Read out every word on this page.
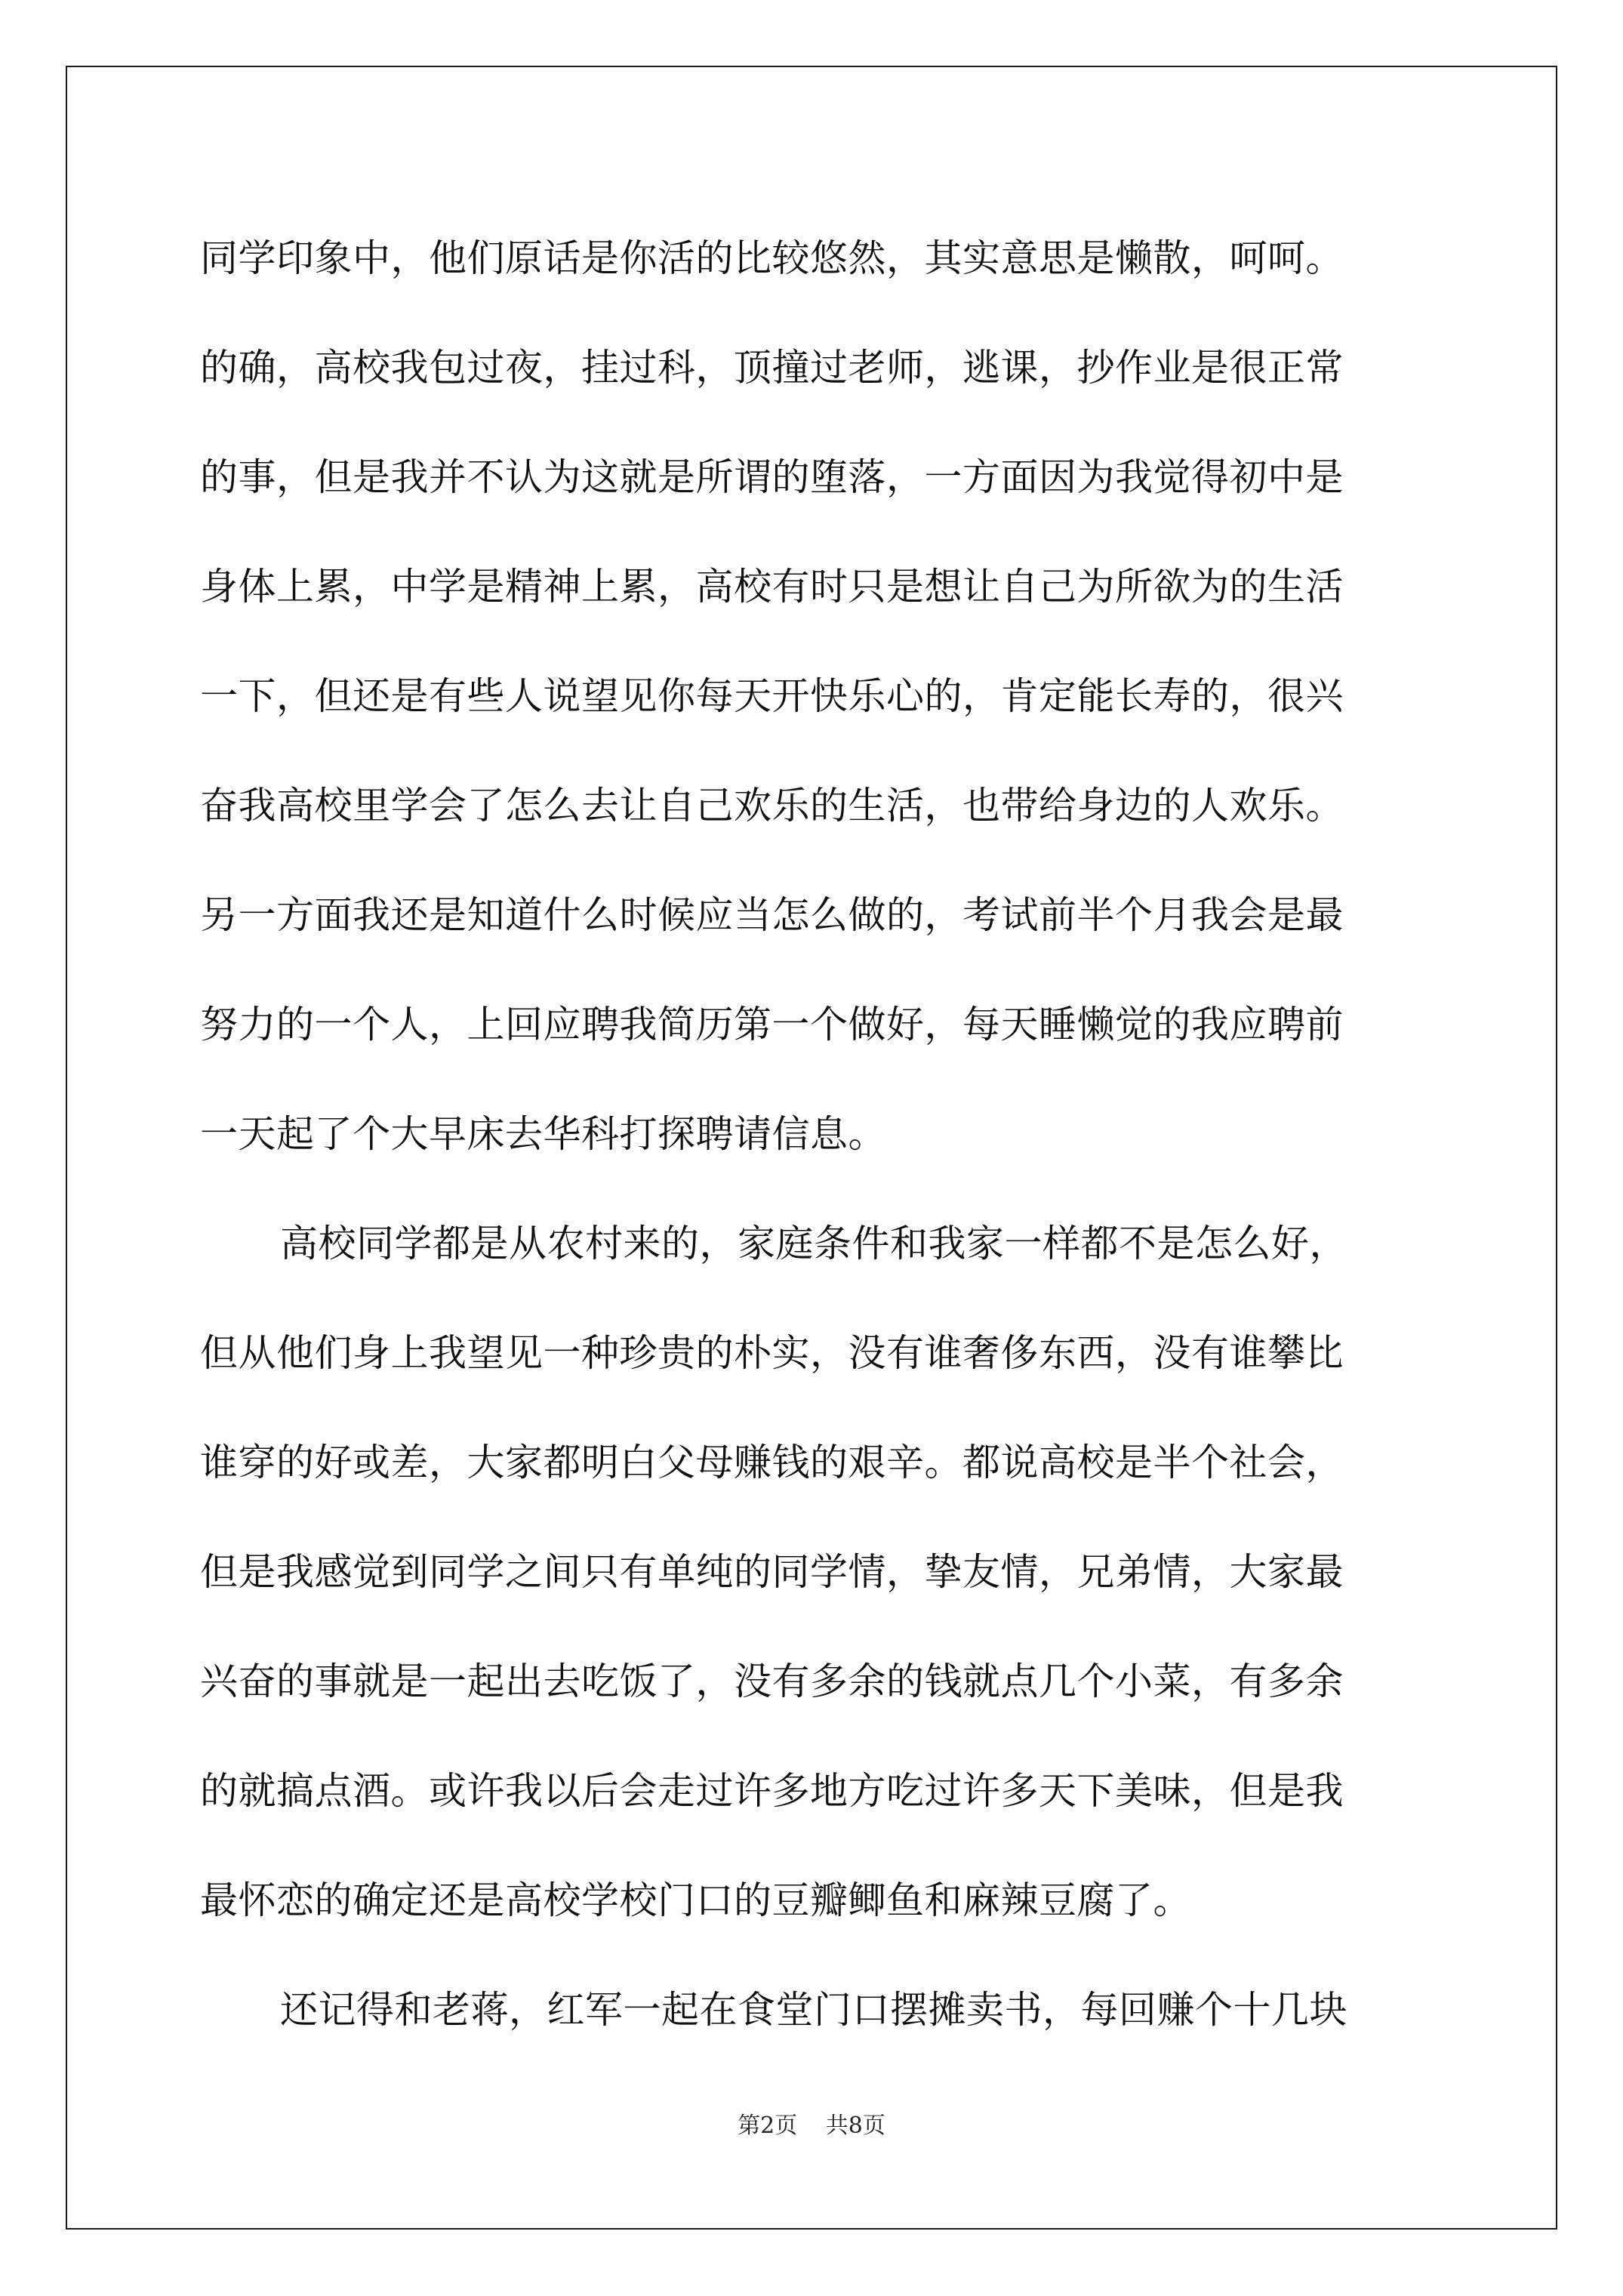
同学印象中，他们原话是你活的比较悠然，其实意思是懒散，呵呵。
的确，高校我包过夜，挂过科，顶撞过老师，逃课，抄作业是很正常
的事，但是我并不认为这就是所谓的堕落，一方面因为我觉得初中是
身体上累，中学是精神上累，高校有时只是想让自己为所欲为的生活
一下，但还是有些人说望见你每天开快乐心的，肯定能长寿的，很兴
奋我高校里学会了怎么去让自己欢乐的生活，也带给身边的人欢乐。
另一方面我还是知道什么时候应当怎么做的，考试前半个月我会是最
努力的一个人，上回应聘我简历第一个做好，每天睡懒觉的我应聘前
一天起了个大早床去华科打探聘请信息。
高校同学都是从农村来的，家庭条件和我家一样都不是怎么好，
但从他们身上我望见一种珍贵的朴实，没有谁奢侈东西，没有谁攀比
谁穿的好或差，大家都明白父母赚钱的艰辛。都说高校是半个社会，
但是我感觉到同学之间只有单纯的同学情，挚友情，兄弟情，大家最
兴奋的事就是一起出去吃饭了，没有多余的钱就点几个小菜，有多余
的就搞点酒。或许我以后会走过许多地方吃过许多天下美味，但是我
最怀恋的确定还是高校学校门口的豆瓣鲫鱼和麻辣豆腐了。
还记得和老蒋，红军一起在食堂门口摆摊卖书，每回赚个十几块
第2页 共8页
